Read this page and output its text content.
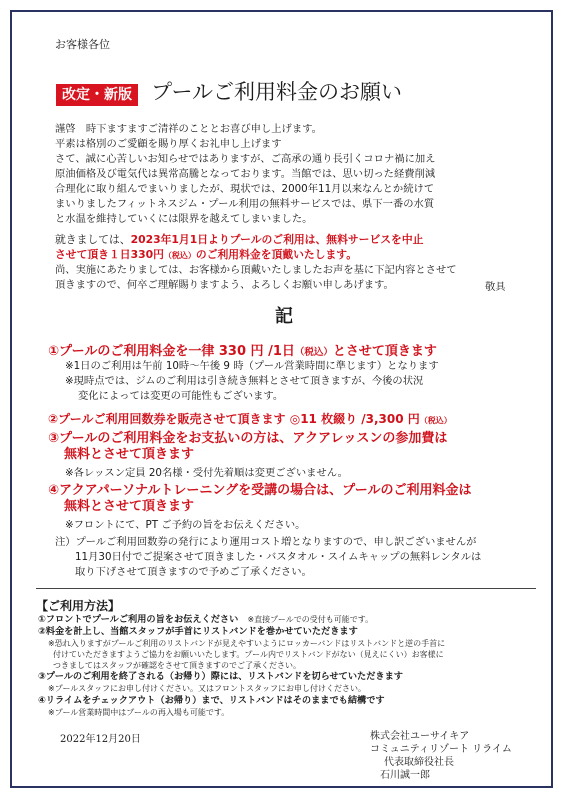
お客様各位
改定・新版 プールご利用料金のお願い
謹啓　時下ますますご清祥のこととお喜び申し上げます。
平素は格別のご愛顧を賜り厚くお礼申し上げます
さて、誠に心苦しいお知らせではありますが、ご高承の通り長引くコロナ禍に加え
原油価格及び電気代は異常高騰となっております。当館では、思い切った経費削減
合理化に取り組んでまいりましたが、現状では、2000年11月以来なんとか続けて
まいりましたフィットネスジム・プール利用の無料サービスでは、県下一番の水質
と水温を維持していくには限界を越えてしまいました。
就きましては、2023年1月1日よりプールのご利用は、無料サービスを中止
させて頂き１日330円（税込）のご利用料金を頂戴いたします。
尚、実施にあたりましては、お客様から頂戴いたしましたお声を基に下記内容とさせて
頂きますので、何卒ご理解賜りますよう、よろしくお願い申しあげます。	敬具
記
①プールのご利用料金を一律 330 円 /1日（税込）とさせて頂きます
※1日のご利用は午前 10時～午後 9 時（プール営業時間に準じます）となります
※現時点では、ジムのご利用は引き続き無料とさせて頂きますが、今後の状況
変化によっては変更の可能性もございます。
②プールご利用回数券を販売させて頂きます ◎11 枚綴り /3,300 円（税込）
③プールのご利用料金をお支払いの方は、アクアレッスンの参加費は
無料とさせて頂きます
※各レッスン定員 20名様・受付先着順は変更ございません。
④アクアパーソナルトレーニングを受講の場合は、プールのご利用料金は
無料とさせて頂きます
※フロントにて、PT ご予約の旨をお伝えください。
注）プールご利用回数券の発行により運用コスト増となりますので、申し訳ございませんが
11月30日付でご提案させて頂きました・バスタオル・スイムキャップの無料レンタルは
取り下げさせて頂きますので予めご了承ください。
【ご利用方法】
①フロントでプールご利用の旨をお伝えください　 ※直接プールでの受付も可能です。
②料金を計上し、当館スタッフが手首にリストバンドを巻かせていただきます
※恐れ入りますがプールご利用のリストバンドが見えやすいようにロッカーバンドはリストバンドと逆の手首に
付けていただきますようご協力をお願いいたします。プール内でリストバンドがない（見えにくい）お客様に
つきましてはスタッフが確認をさせて頂きますのでご了承ください。
③プールのご利用を終了される（お帰り）際には、リストバンドを切らせていただきます
※プールスタッフにお申し付けください。又はフロントスタッフにお申し付けください。
④リライムをチェックアウト（お帰り）まで、リストバンドはそのままでも結構です
※プール営業時間中はプールの再入場も可能です。
2022年12月20日	株式会社ユーサイキア
コミュニティリゾート リライム
代表取締役社長
石川誠一郎
